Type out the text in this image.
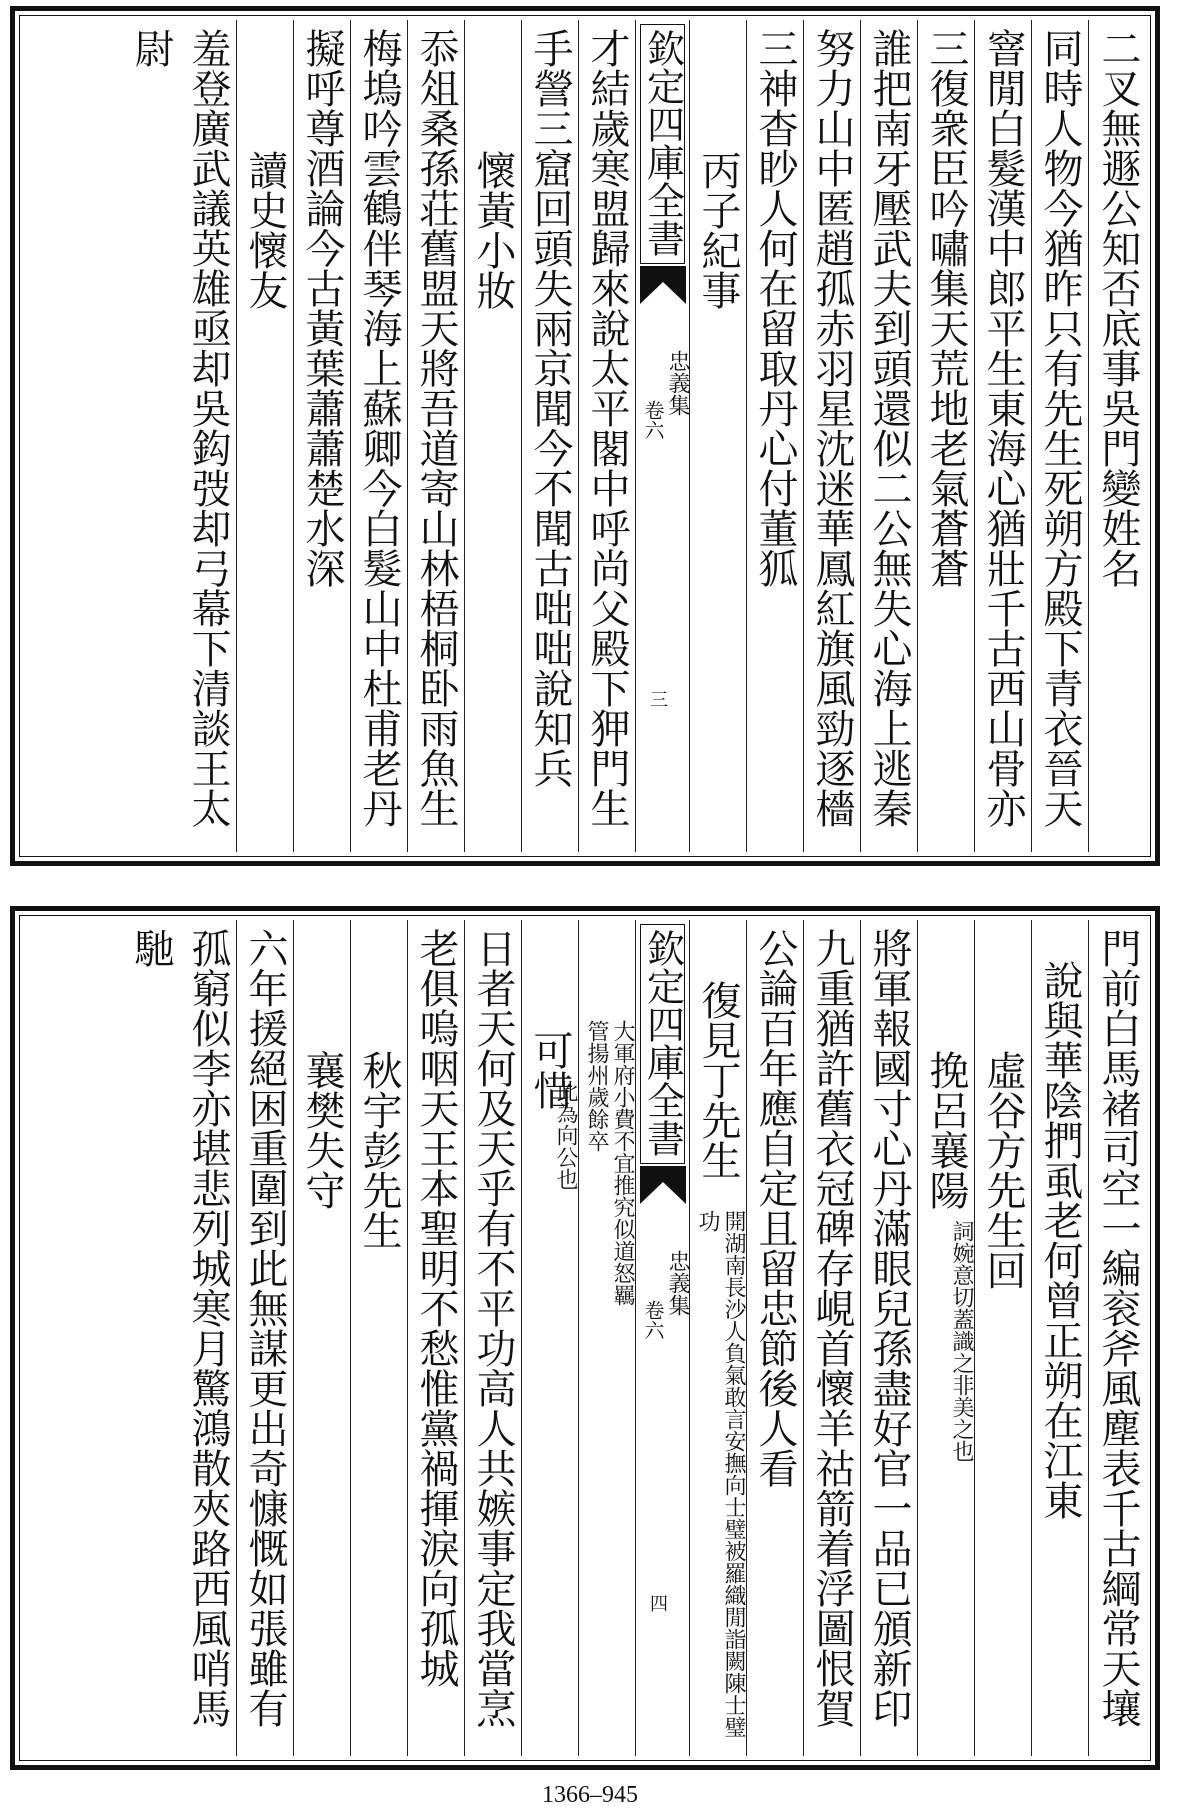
二叉無遯公知否底事吳門變姓名
同時人物今猶昨只有先生死朔方殿下青衣晉天
窨閒白髮漢中郎平生東海心猶壯千古西山骨亦
三復衆臣吟嘯集天荒地老氣蒼蒼
誰把南牙壓武夫到頭還似二公無失心海上逃秦
努力山中匿趙孤赤羽星沈迷華鳳紅旗風勁逐檣
三神杳眇人何在留取丹心付董狐
丙子紀事
欽定四庫全書
忠義集
卷六
三
才結歲寒盟歸來說太平閣中呼尚父殿下狎門生
手謍三窟回頭失兩京聞今不聞古咄咄說知兵
懷黃小妝
忝俎桑孫荘舊盟天將吾道寄山林梧桐卧雨魚生
梅塢吟雲鶴伴琴海上蘇卿今白髮山中杜甫老丹
擬呼尊酒論今古黃葉蕭蕭楚水深
讀史懷友
羞登廣武議英雄亟却吳鈎弢却弓幕下清談王太尉
門前白馬褚司空一編衮斧風塵表千古綱常天壤
說與華陰捫虱老何曾正朔在江東
虛谷方先生回
挽呂襄陽
詞婉意切蓋識之非美之也
將軍報國寸心丹滿眼兒孫盡好官一品已頒新印
九重猶許舊衣冠碑存峴首懷羊祜箭着浮圖恨賀
公論百年應自定且留忠節後人看
復見丁先生
開湖南長沙人負氣敢言安撫向士璧被羅織閒詣闕陳士璧功
欽定四庫全書
忠義集
卷六
四
大軍府小費不宜推究似道怒羈管揚州歲餘卒
可惜
此為向公也
日者天何及天乎有不平功高人共嫉事定我當烹
老俱嗚咽天王本聖明不愁惟黨禍揮淚向孤城
秋宇彭先生
襄樊失守
六年援絕困重圍到此無謀更出奇慷慨如張雖有
孤窮似李亦堪悲列城寒月驚鴻散夾路西風哨馬馳
1366–945
